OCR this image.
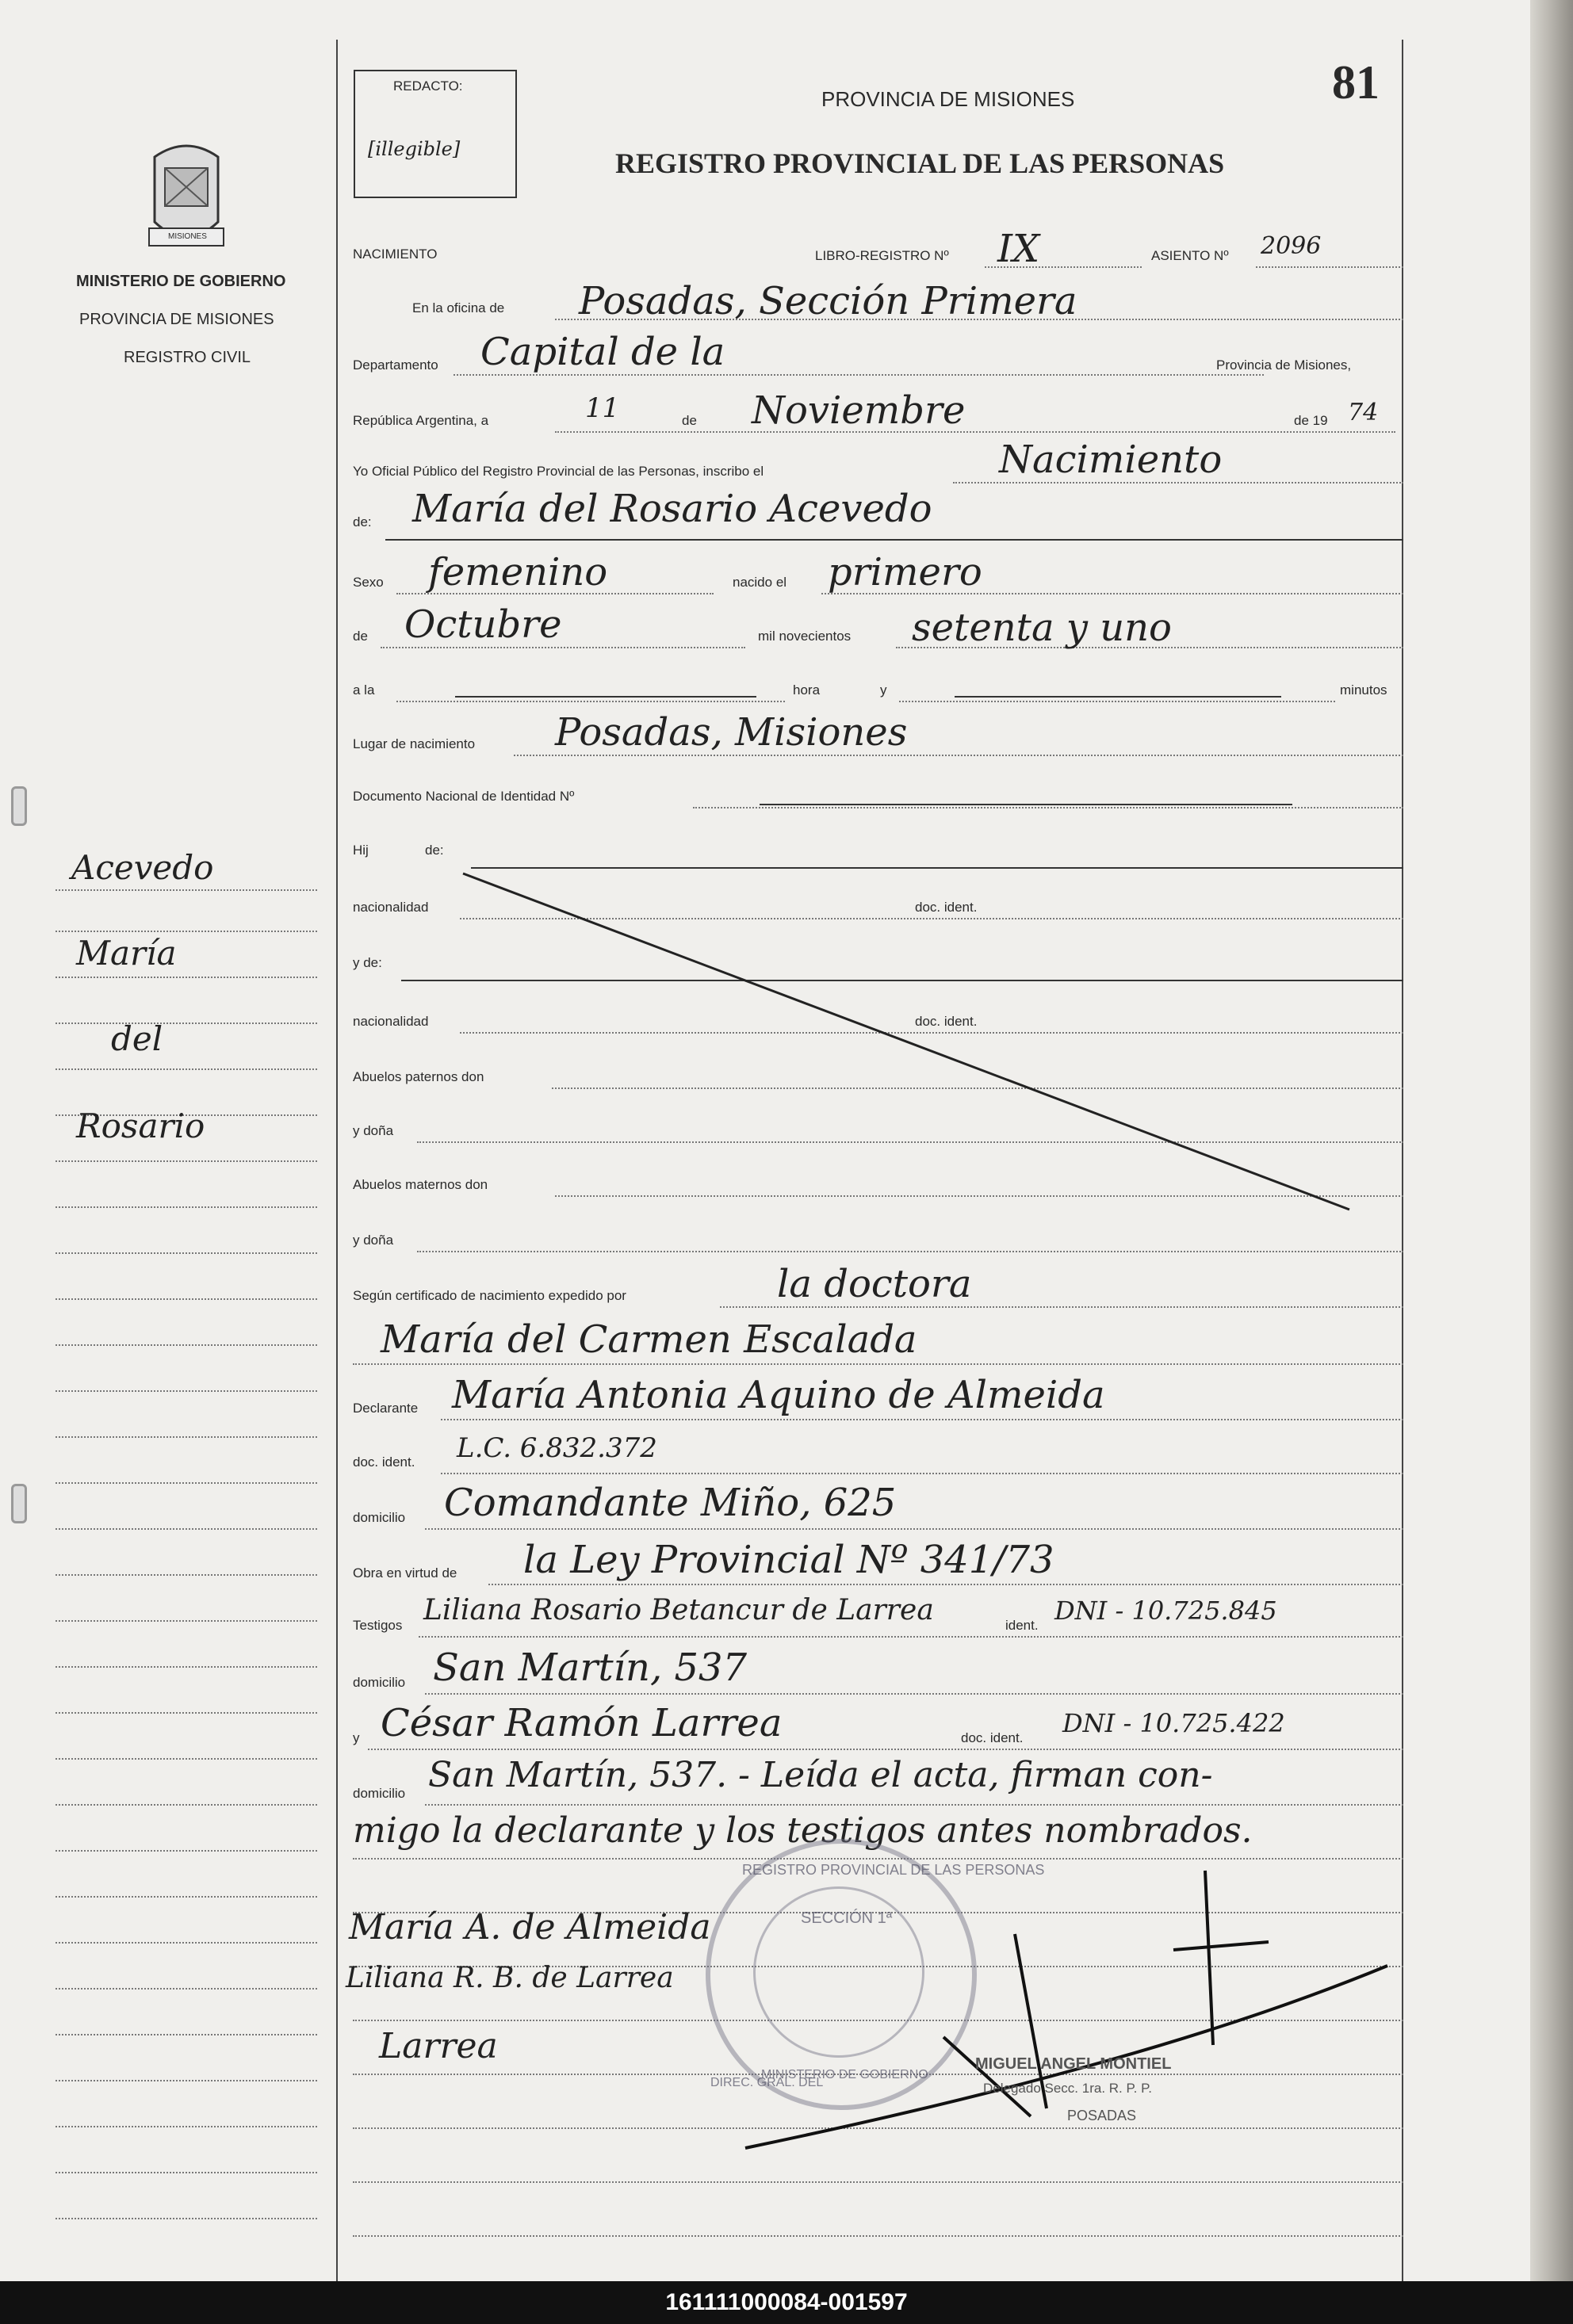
MISIONES
MINISTERIO DE GOBIERNO
PROVINCIA DE MISIONES
REGISTRO CIVIL
Acevedo
María
del
Rosario
REDACTO:
[illegible]
PROVINCIA DE MISIONES
REGISTRO PROVINCIAL DE LAS PERSONAS
81
NACIMIENTO	LIBRO-REGISTRO Nº IX	ASIENTO Nº 2096
En la oficina de Posadas, Sección Primera
Departamento Capital de la	Provincia de Misiones,
República Argentina, a	11	de Noviembre	de 19 74
Yo Oficial Público del Registro Provincial de las Personas, inscribo el	Nacimiento
de: María del Rosario Acevedo
Sexo femenino	nacido el primero
de Octubre	mil novecientos setenta y uno
a la	hora	y	minutos
Lugar de nacimiento Posadas, Misiones
Documento Nacional de Identidad Nº
Hij	de:
nacionalidad	doc. ident.
y de:
nacionalidad	doc. ident.
Abuelos paternos don
y doña
Abuelos maternos don
y doña
Según certificado de nacimiento expedido por	la doctora
María del Carmen Escalada
Declarante María Antonia Aquino de Almeida
doc. ident. L.C. 6.832.372
domicilio Comandante Miño, 625
Obra en virtud de la Ley Provincial Nº 341/73
Testigos Liliana Rosario Betancur de Larrea	ident. DNI - 10.725.845
domicilio San Martín, 537
y César Ramón Larrea	doc. ident. DNI - 10.725.422
domicilio San Martín, 537. - Leída el acta, firman con-
migo la declarante y los testigos antes nombrados.
REGISTRO PROVINCIAL DE LAS PERSONAS
DIREC. GRAL. DEL
SECCIÓN 1ª
MINISTERIO DE GOBIERNO
María A. de Almeida
Liliana R. B. de Larrea
Larrea	MIGUEL ANGEL MONTIEL
Delegado Secc. 1ra. R. P. P.
POSADAS
161111000084-001597
